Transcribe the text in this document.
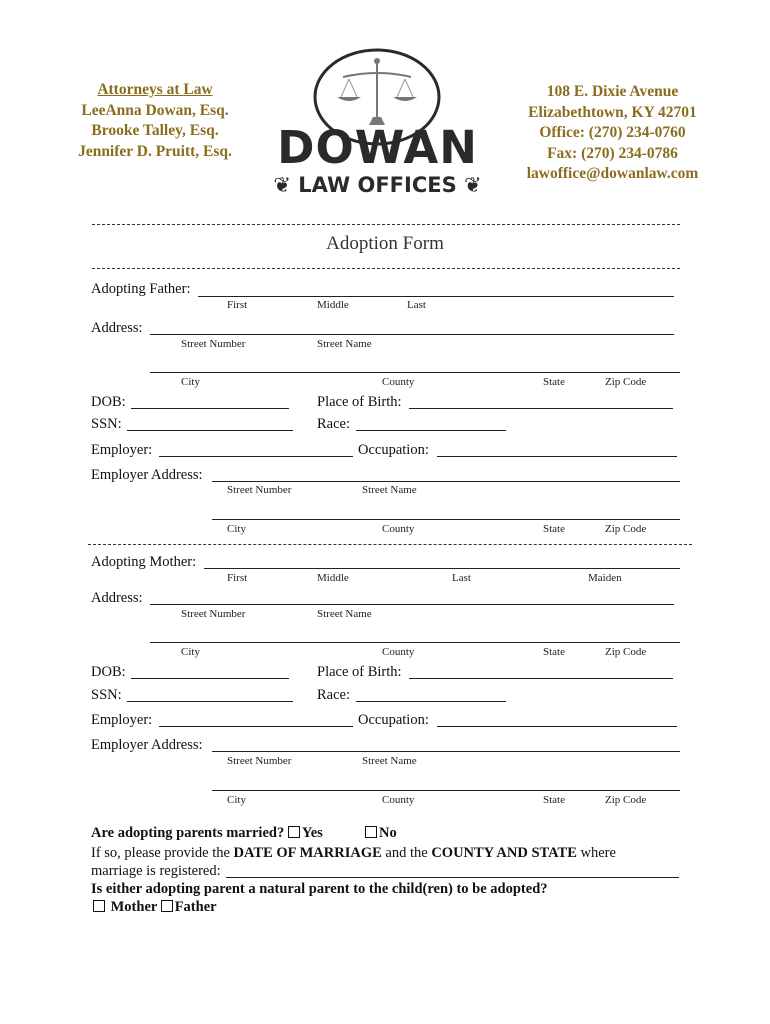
Attorneys at Law
LeeAnna Dowan, Esq.
Brooke Talley, Esq.
Jennifer D. Pruitt, Esq.	DOWAN
❦ LAW OFFICES ❦
108 E. Dixie Avenue
Elizabethtown, KY 42701
Office: (270) 234-0760
Fax: (270) 234-0786
lawoffice@dowanlaw.com
Adoption Form
Adopting Father:
First	Middle	Last
Address:
Street Number	Street Name
City	County	State	Zip Code
DOB:	Place of Birth:
SSN:	Race:
Employer:	Occupation:
Employer Address:
Street Number	Street Name
City	County	State	Zip Code
Adopting Mother:
First	Middle	Last	Maiden
Address:
Street Number	Street Name
City	County	State	Zip Code
DOB:	Place of Birth:
SSN:	Race:
Employer:	Occupation:
Employer Address:
Street Number	Street Name
City	County	State	Zip Code
Are adopting parents married? Yes	No
If so, please provide the DATE OF MARRIAGE and the COUNTY AND STATE where
marriage is registered:
Is either adopting parent a natural parent to the child(ren) to be adopted?
Mother Father
